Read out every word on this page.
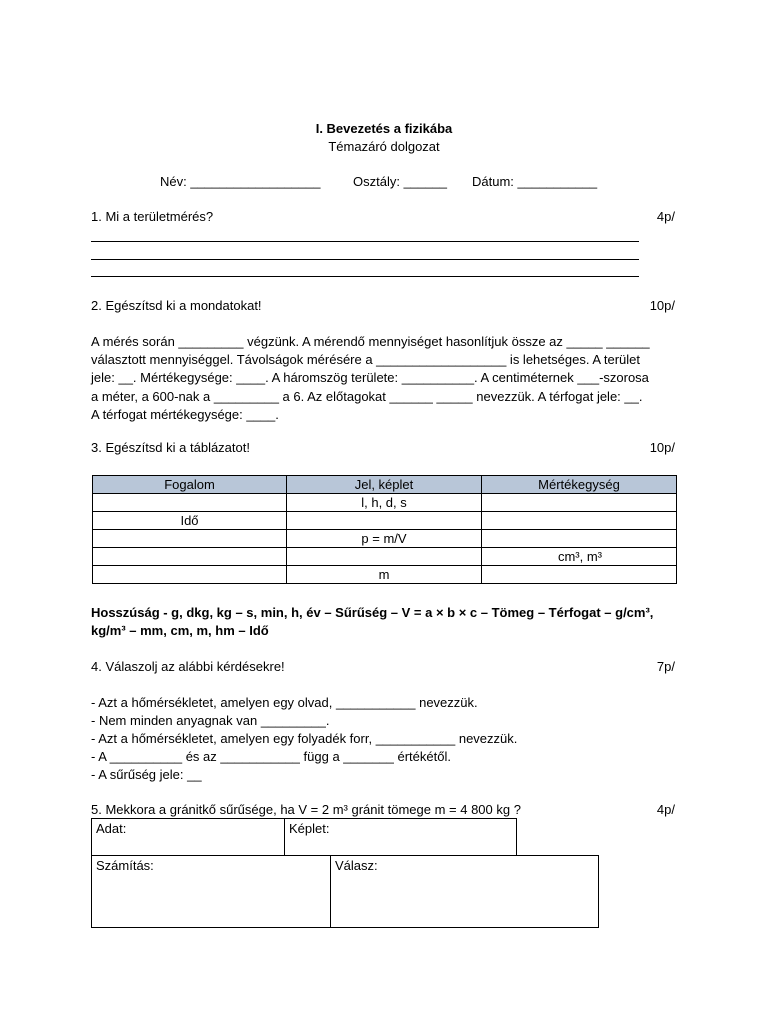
I. Bevezetés a fizikába
Témazáró dolgozat
Név: __________________	Osztály: ______ Dátum: ___________
1. Mi a területmérés?	4p/
2. Egészítsd ki a mondatokat!	10p/
A mérés során _________ végzünk. A mérendő mennyiséget hasonlítjuk össze az _____ ______ választott mennyiséggel. Távolságok mérésére a __________________ is lehetséges. A terület jele: __. Mértékegysége: ____. A háromszög területe: __________. A centiméternek ___-szorosa a méter, a 600-nak a _________ a 6. Az előtagokat ______ _____ nevezzük. A térfogat jele: __. A térfogat mértékegysége: ____.
3. Egészítsd ki a táblázatot!	10p/
Fogalom	Jel, képlet	Mértékegység
	l, h, d, s	
Idő		
	p = m/V	
		cm³, m³
	m	
Hosszúság - g, dkg, kg – s, min, h, év – Sűrűség – V = a × b × c – Tömeg – Térfogat – g/cm³, kg/m³ – mm, cm, m, hm – Idő
4. Válaszolj az alábbi kérdésekre!	7p/
- Azt a hőmérsékletet, amelyen egy olvad, ___________ nevezzük.
- Nem minden anyagnak van _________.
- Azt a hőmérsékletet, amelyen egy folyadék forr, ___________ nevezzük.
- A __________ és az ___________ függ a _______ értékétől.
- A sűrűség jele: __
5. Mekkora a gránitkő sűrűsége, ha V = 2 m³ gránit tömege m = 4 800 kg ?	4p/
Adat:	Képlet:
Számítás:	Válasz:
